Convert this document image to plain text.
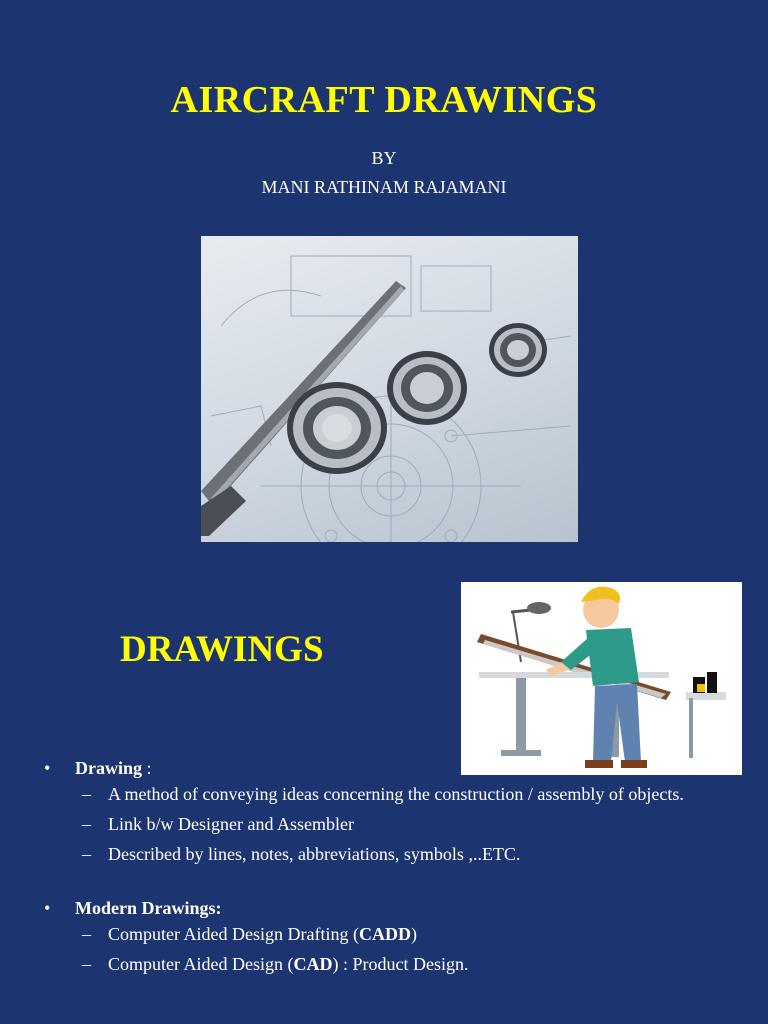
AIRCRAFT DRAWINGS
BY
MANI RATHINAM RAJAMANI
DRAWINGS
• Drawing :
– A method of conveying ideas concerning the construction / assembly of objects.
– Link b/w Designer and Assembler
– Described by lines, notes, abbreviations, symbols ,..ETC.
• Modern Drawings:
– Computer Aided Design Drafting (CADD)
– Computer Aided Design (CAD) : Product Design.
